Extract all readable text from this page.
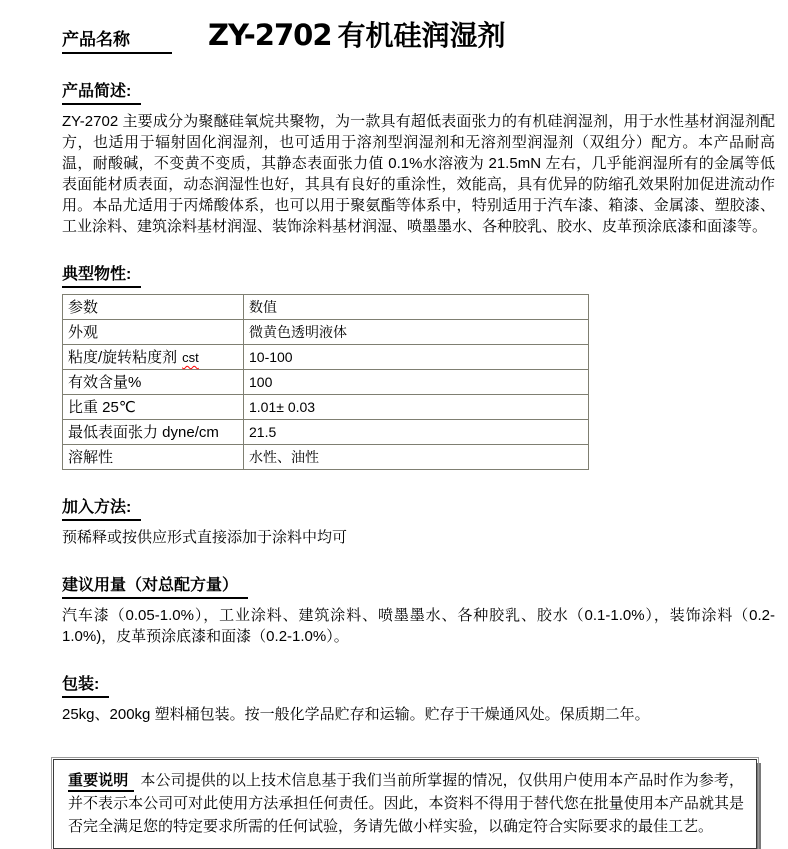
产品名称	ZY-2702 有机硅润湿剂
产品简述:

ZY-2702 主要成分为聚醚硅氧烷共聚物，为一款具有超低表面张力的有机硅润湿剂，用于水性基材润湿剂配方，也适用于辐射固化润湿剂，也可适用于溶剂型润湿剂和无溶剂型润湿剂（双组分）配方。本产品耐高温，耐酸碱，不变黄不变质，其静态表面张力值 0.1%水溶液为 21.5mN 左右，几乎能润湿所有的金属等低表面能材质表面，动态润湿性也好，其具有良好的重涂性，效能高，具有优异的防缩孔效果附加促进流动作用。本品尤适用于丙烯酸体系，也可以用于聚氨酯等体系中，特别适用于汽车漆、箱漆、金属漆、塑胶漆、工业涂料、建筑涂料基材润湿、装饰涂料基材润湿、喷墨墨水、各种胶乳、胶水、皮革预涂底漆和面漆等。

典型物性:
参数	数值
外观	微黄色透明液体
粘度/旋转粘度剂 cst	10-100
有效含量%	100
比重 25℃	1.01± 0.03
最低表面张力 dyne/cm	21.5
溶解性	水性、油性
加入方法:

预稀释或按供应形式直接添加于涂料中均可

建议用量（对总配方量）

汽车漆（0.05-1.0%），工业涂料、建筑涂料、喷墨墨水、各种胶乳、胶水（0.1-1.0%），装饰涂料（0.2-1.0%)，皮革预涂底漆和面漆（0.2-1.0%）。

包装:

25kg、200kg 塑料桶包装。按一般化学品贮存和运输。贮存于干燥通风处。保质期二年。

重要说明 本公司提供的以上技术信息基于我们当前所掌握的情况，仅供用户使用本产品时作为参考，并不表示本公司可对此使用方法承担任何责任。因此，本资料不得用于替代您在批量使用本产品就其是否完全满足您的特定要求所需的任何试验，务请先做小样实验，以确定符合实际要求的最佳工艺。
